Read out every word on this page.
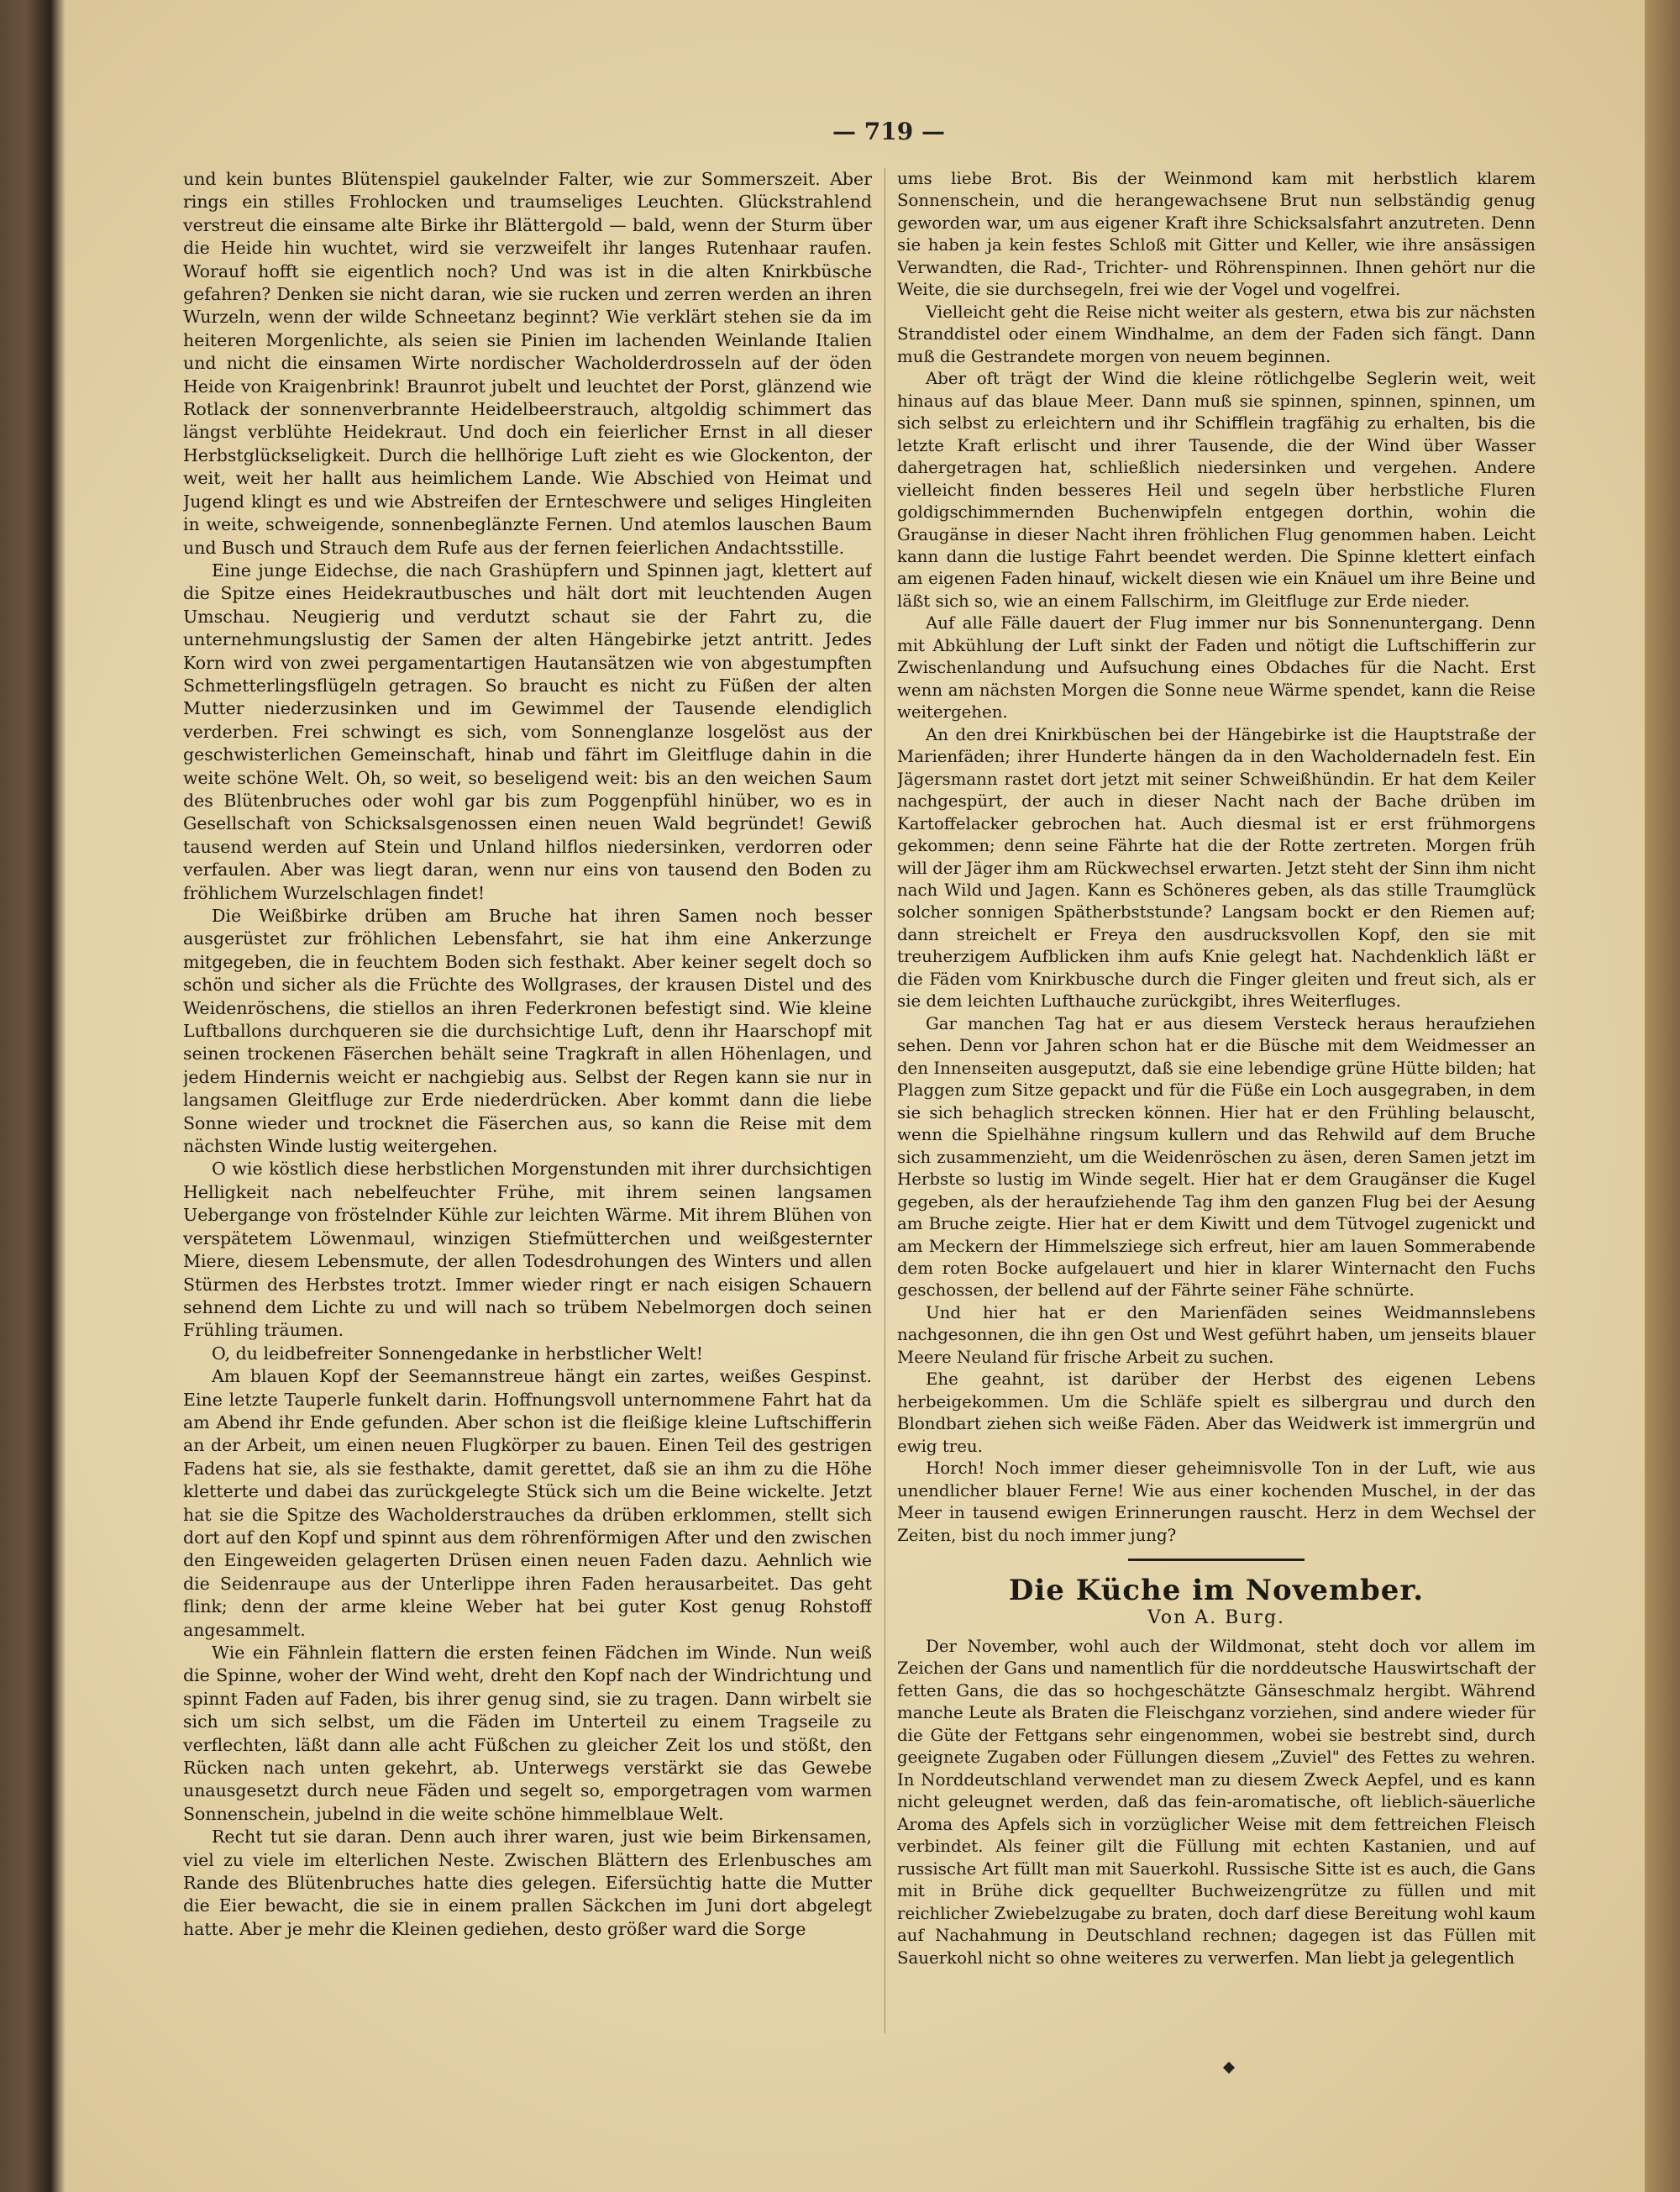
— 719 —

und kein buntes Blütenspiel gaukelnder Falter, wie zur Sommerszeit. Aber rings ein stilles Frohlocken und traumseliges Leuchten. Glückstrahlend verstreut die einsame alte Birke ihr Blättergold — bald, wenn der Sturm über die Heide hin wuchtet, wird sie verzweifelt ihr langes Rutenhaar raufen. Worauf hofft sie eigentlich noch? Und was ist in die alten Knirkbüsche gefahren? Denken sie nicht daran, wie sie rucken und zerren werden an ihren Wurzeln, wenn der wilde Schneetanz beginnt? Wie verklärt stehen sie da im heiteren Morgenlichte, als seien sie Pinien im lachenden Weinlande Italien und nicht die einsamen Wirte nordischer Wacholderdrosseln auf der öden Heide von Kraigenbrink! Braunrot jubelt und leuchtet der Porst, glänzend wie Rotlack der sonnenverbrannte Heidelbeerstrauch, altgoldig schimmert das längst verblühte Heidekraut. Und doch ein feierlicher Ernst in all dieser Herbstglückseligkeit. Durch die hellhörige Luft zieht es wie Glockenton, der weit, weit her hallt aus heimlichem Lande. Wie Abschied von Heimat und Jugend klingt es und wie Abstreifen der Ernteschwere und seliges Hingleiten in weite, schweigende, sonnenbeglänzte Fernen. Und atemlos lauschen Baum und Busch und Strauch dem Rufe aus der fernen feierlichen Andachtsstille.

Eine junge Eidechse, die nach Grashüpfern und Spinnen jagt, klettert auf die Spitze eines Heidekrautbusches und hält dort mit leuchtenden Augen Umschau. Neugierig und verdutzt schaut sie der Fahrt zu, die unternehmungslustig der Samen der alten Hängebirke jetzt antritt. Jedes Korn wird von zwei pergamentartigen Hautansätzen wie von abgestumpften Schmetterlingsflügeln getragen. So braucht es nicht zu Füßen der alten Mutter niederzusinken und im Gewimmel der Tausende elendiglich verderben. Frei schwingt es sich, vom Sonnenglanze losgelöst aus der geschwisterlichen Gemeinschaft, hinab und fährt im Gleitfluge dahin in die weite schöne Welt. Oh, so weit, so beseligend weit: bis an den weichen Saum des Blütenbruches oder wohl gar bis zum Poggenpfühl hinüber, wo es in Gesellschaft von Schicksalsgenossen einen neuen Wald begründet! Gewiß tausend werden auf Stein und Unland hilflos niedersinken, verdorren oder verfaulen. Aber was liegt daran, wenn nur eins von tausend den Boden zu fröhlichem Wurzelschlagen findet!

Die Weißbirke drüben am Bruche hat ihren Samen noch besser ausgerüstet zur fröhlichen Lebensfahrt, sie hat ihm eine Ankerzunge mitgegeben, die in feuchtem Boden sich festhakt. Aber keiner segelt doch so schön und sicher als die Früchte des Wollgrases, der krausen Distel und des Weidenröschens, die stiellos an ihren Federkronen befestigt sind. Wie kleine Luftballons durchqueren sie die durchsichtige Luft, denn ihr Haarschopf mit seinen trockenen Fäserchen behält seine Tragkraft in allen Höhenlagen, und jedem Hindernis weicht er nachgiebig aus. Selbst der Regen kann sie nur in langsamen Gleitfluge zur Erde niederdrücken. Aber kommt dann die liebe Sonne wieder und trocknet die Fäserchen aus, so kann die Reise mit dem nächsten Winde lustig weitergehen.

O wie köstlich diese herbstlichen Morgenstunden mit ihrer durchsichtigen Helligkeit nach nebelfeuchter Frühe, mit ihrem seinen langsamen Uebergange von fröstelnder Kühle zur leichten Wärme. Mit ihrem Blühen von verspätetem Löwenmaul, winzigen Stiefmütterchen und weißgesternter Miere, diesem Lebensmute, der allen Todesdrohungen des Winters und allen Stürmen des Herbstes trotzt. Immer wieder ringt er nach eisigen Schauern sehnend dem Lichte zu und will nach so trübem Nebelmorgen doch seinen Frühling träumen.

O, du leidbefreiter Sonnengedanke in herbstlicher Welt!

Am blauen Kopf der Seemannstreue hängt ein zartes, weißes Gespinst. Eine letzte Tauperle funkelt darin. Hoffnungsvoll unternommene Fahrt hat da am Abend ihr Ende gefunden. Aber schon ist die fleißige kleine Luftschifferin an der Arbeit, um einen neuen Flugkörper zu bauen. Einen Teil des gestrigen Fadens hat sie, als sie festhakte, damit gerettet, daß sie an ihm zu die Höhe kletterte und dabei das zurückgelegte Stück sich um die Beine wickelte. Jetzt hat sie die Spitze des Wacholderstrauches da drüben erklommen, stellt sich dort auf den Kopf und spinnt aus dem röhrenförmigen After und den zwischen den Eingeweiden gelagerten Drüsen einen neuen Faden dazu. Aehnlich wie die Seidenraupe aus der Unterlippe ihren Faden herausarbeitet. Das geht flink; denn der arme kleine Weber hat bei guter Kost genug Rohstoff angesammelt.

Wie ein Fähnlein flattern die ersten feinen Fädchen im Winde. Nun weiß die Spinne, woher der Wind weht, dreht den Kopf nach der Windrichtung und spinnt Faden auf Faden, bis ihrer genug sind, sie zu tragen. Dann wirbelt sie sich um sich selbst, um die Fäden im Unterteil zu einem Tragseile zu verflechten, läßt dann alle acht Füßchen zu gleicher Zeit los und stößt, den Rücken nach unten gekehrt, ab. Unterwegs verstärkt sie das Gewebe unausgesetzt durch neue Fäden und segelt so, emporgetragen vom warmen Sonnenschein, jubelnd in die weite schöne himmelblaue Welt.

Recht tut sie daran. Denn auch ihrer waren, just wie beim Birkensamen, viel zu viele im elterlichen Neste. Zwischen Blättern des Erlenbusches am Rande des Blütenbruches hatte dies gelegen. Eifersüchtig hatte die Mutter die Eier bewacht, die sie in einem prallen Säckchen im Juni dort abgelegt hatte. Aber je mehr die Kleinen gediehen, desto größer ward die Sorge

ums liebe Brot. Bis der Weinmond kam mit herbstlich klarem Sonnenschein, und die herangewachsene Brut nun selbständig genug geworden war, um aus eigener Kraft ihre Schicksalsfahrt anzutreten. Denn sie haben ja kein festes Schloß mit Gitter und Keller, wie ihre ansässigen Verwandten, die Rad-, Trichter- und Röhrenspinnen. Ihnen gehört nur die Weite, die sie durchsegeln, frei wie der Vogel und vogelfrei.

Vielleicht geht die Reise nicht weiter als gestern, etwa bis zur nächsten Stranddistel oder einem Windhalme, an dem der Faden sich fängt. Dann muß die Gestrandete morgen von neuem beginnen.

Aber oft trägt der Wind die kleine rötlichgelbe Seglerin weit, weit hinaus auf das blaue Meer. Dann muß sie spinnen, spinnen, spinnen, um sich selbst zu erleichtern und ihr Schifflein tragfähig zu erhalten, bis die letzte Kraft erlischt und ihrer Tausende, die der Wind über Wasser dahergetragen hat, schließlich niedersinken und vergehen. Andere vielleicht finden besseres Heil und segeln über herbstliche Fluren goldigschimmernden Buchenwipfeln entgegen dorthin, wohin die Graugänse in dieser Nacht ihren fröhlichen Flug genommen haben. Leicht kann dann die lustige Fahrt beendet werden. Die Spinne klettert einfach am eigenen Faden hinauf, wickelt diesen wie ein Knäuel um ihre Beine und läßt sich so, wie an einem Fallschirm, im Gleitfluge zur Erde nieder.

Auf alle Fälle dauert der Flug immer nur bis Sonnenuntergang. Denn mit Abkühlung der Luft sinkt der Faden und nötigt die Luftschifferin zur Zwischenlandung und Aufsuchung eines Obdaches für die Nacht. Erst wenn am nächsten Morgen die Sonne neue Wärme spendet, kann die Reise weitergehen.

An den drei Knirkbüschen bei der Hängebirke ist die Hauptstraße der Marienfäden; ihrer Hunderte hängen da in den Wacholdernadeln fest. Ein Jägersmann rastet dort jetzt mit seiner Schweißhündin. Er hat dem Keiler nachgespürt, der auch in dieser Nacht nach der Bache drüben im Kartoffelacker gebrochen hat. Auch diesmal ist er erst frühmorgens gekommen; denn seine Fährte hat die der Rotte zertreten. Morgen früh will der Jäger ihm am Rückwechsel erwarten. Jetzt steht der Sinn ihm nicht nach Wild und Jagen. Kann es Schöneres geben, als das stille Traumglück solcher sonnigen Spätherbststunde? Langsam bockt er den Riemen auf; dann streichelt er Freya den ausdrucksvollen Kopf, den sie mit treuherzigem Aufblicken ihm aufs Knie gelegt hat. Nachdenklich läßt er die Fäden vom Knirkbusche durch die Finger gleiten und freut sich, als er sie dem leichten Lufthauche zurückgibt, ihres Weiterfluges.

Gar manchen Tag hat er aus diesem Versteck heraus heraufziehen sehen. Denn vor Jahren schon hat er die Büsche mit dem Weidmesser an den Innenseiten ausgeputzt, daß sie eine lebendige grüne Hütte bilden; hat Plaggen zum Sitze gepackt und für die Füße ein Loch ausgegraben, in dem sie sich behaglich strecken können. Hier hat er den Frühling belauscht, wenn die Spielhähne ringsum kullern und das Rehwild auf dem Bruche sich zusammenzieht, um die Weidenröschen zu äsen, deren Samen jetzt im Herbste so lustig im Winde segelt. Hier hat er dem Graugänser die Kugel gegeben, als der heraufziehende Tag ihm den ganzen Flug bei der Aesung am Bruche zeigte. Hier hat er dem Kiwitt und dem Tütvogel zugenickt und am Meckern der Himmelsziege sich erfreut, hier am lauen Sommerabende dem roten Bocke aufgelauert und hier in klarer Winternacht den Fuchs geschossen, der bellend auf der Fährte seiner Fähe schnürte.

Und hier hat er den Marienfäden seines Weidmannslebens nachgesonnen, die ihn gen Ost und West geführt haben, um jenseits blauer Meere Neuland für frische Arbeit zu suchen.

Ehe geahnt, ist darüber der Herbst des eigenen Lebens herbeigekommen. Um die Schläfe spielt es silbergrau und durch den Blondbart ziehen sich weiße Fäden. Aber das Weidwerk ist immergrün und ewig treu.

Horch! Noch immer dieser geheimnisvolle Ton in der Luft, wie aus unendlicher blauer Ferne! Wie aus einer kochenden Muschel, in der das Meer in tausend ewigen Erinnerungen rauscht. Herz in dem Wechsel der Zeiten, bist du noch immer jung?

Die Küche im November.
Von A. Burg.

Der November, wohl auch der Wildmonat, steht doch vor allem im Zeichen der Gans und namentlich für die norddeutsche Hauswirtschaft der fetten Gans, die das so hochgeschätzte Gänseschmalz hergibt. Während manche Leute als Braten die Fleischganz vorziehen, sind andere wieder für die Güte der Fettgans sehr eingenommen, wobei sie bestrebt sind, durch geeignete Zugaben oder Füllungen diesem „Zuviel" des Fettes zu wehren. In Norddeutschland verwendet man zu diesem Zweck Aepfel, und es kann nicht geleugnet werden, daß das fein-aromatische, oft lieblich-säuerliche Aroma des Apfels sich in vorzüglicher Weise mit dem fettreichen Fleisch verbindet. Als feiner gilt die Füllung mit echten Kastanien, und auf russische Art füllt man mit Sauerkohl. Russische Sitte ist es auch, die Gans mit in Brühe dick gequellter Buchweizengrütze zu füllen und mit reichlicher Zwiebelzugabe zu braten, doch darf diese Bereitung wohl kaum auf Nachahmung in Deutschland rechnen; dagegen ist das Füllen mit Sauerkohl nicht so ohne weiteres zu verwerfen. Man liebt ja gelegentlich
